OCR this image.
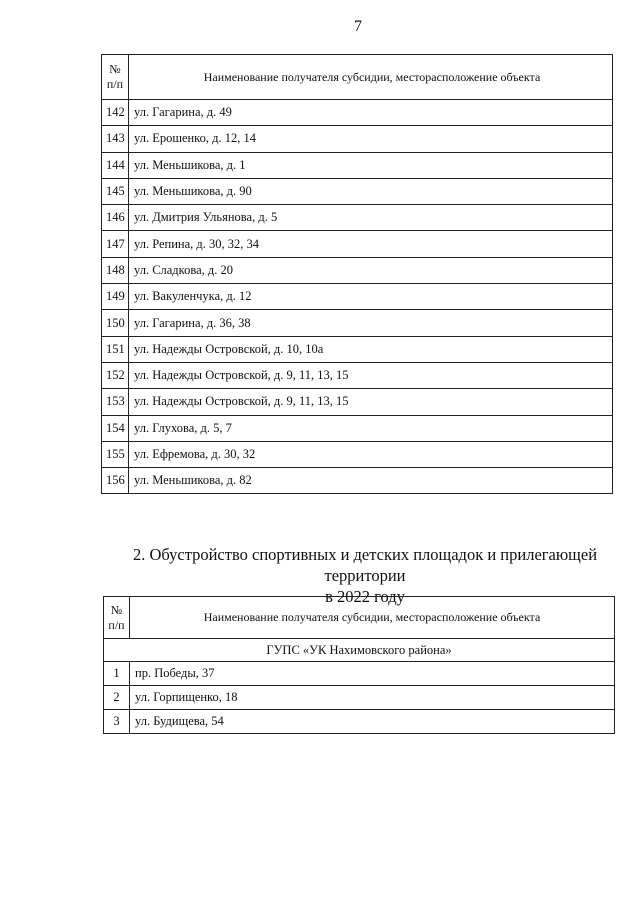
7
№
п/п	Наименование получателя субсидии, месторасположение объекта
142	ул. Гагарина, д. 49
143	ул. Ерошенко, д. 12, 14
144	ул. Меньшикова, д. 1
145	ул. Меньшикова, д. 90
146	ул. Дмитрия Ульянова, д. 5
147	ул. Репина, д. 30, 32, 34
148	ул. Сладкова, д. 20
149	ул. Вакуленчука, д. 12
150	ул. Гагарина, д. 36, 38
151	ул. Надежды Островской, д. 10, 10а
152	ул. Надежды Островской, д. 9, 11, 13, 15
153	ул. Надежды Островской, д. 9, 11, 13, 15
154	ул. Глухова, д. 5, 7
155	ул. Ефремова, д. 30, 32
156	ул. Меньшикова, д. 82
2. Обустройство спортивных и детских площадок и прилегающей территории
в 2022 году
№
п/п	Наименование получателя субсидии, месторасположение объекта
ГУПС «УК Нахимовского района»	
1	пр. Победы, 37
2	ул. Горпищенко, 18
3	ул. Будищева, 54
